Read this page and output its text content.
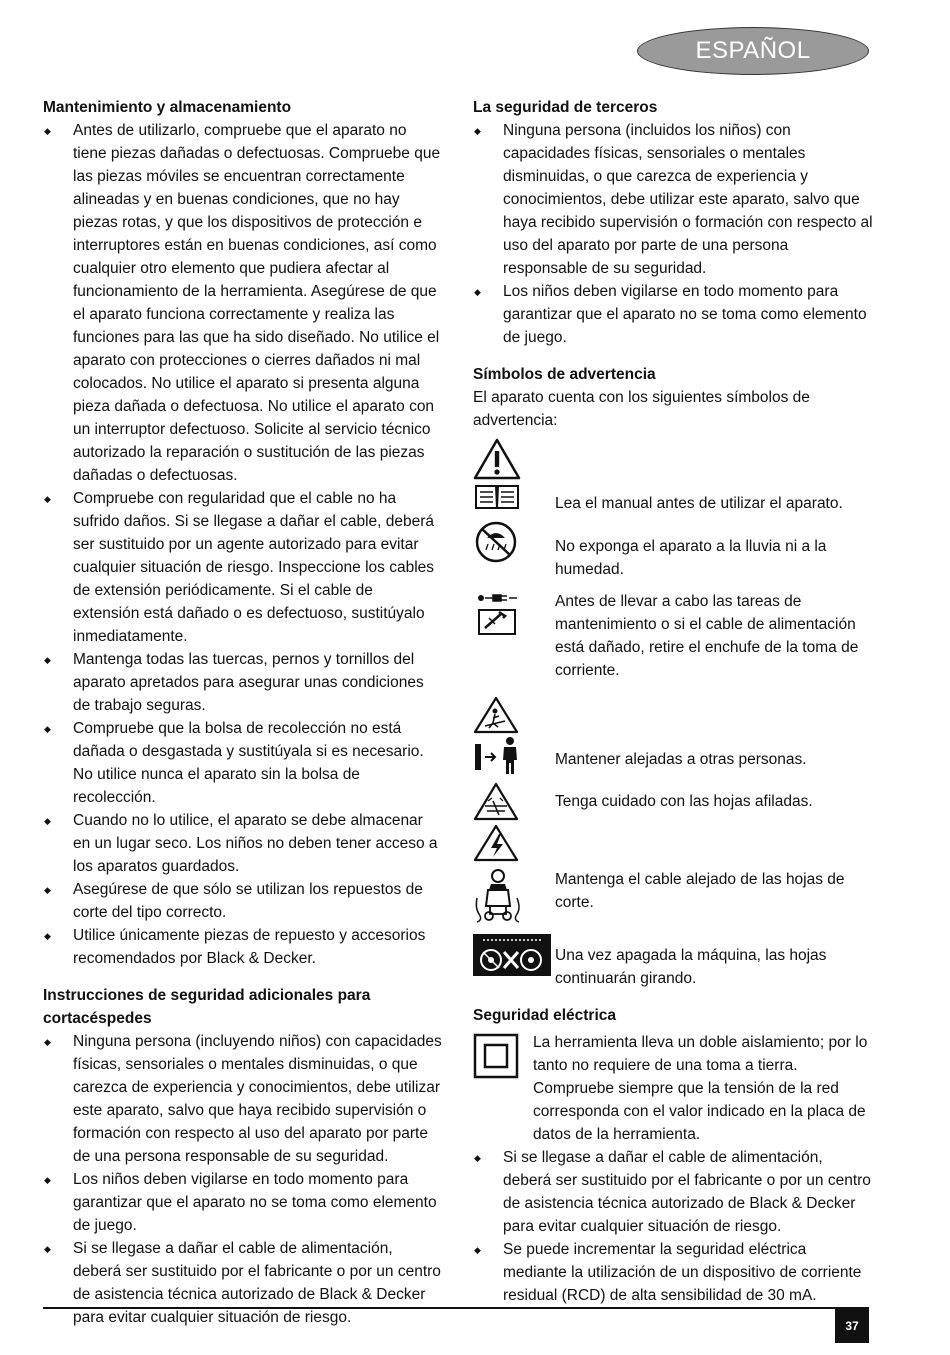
ESPAÑOL
Mantenimiento y almacenamiento
◆ Antes de utilizarlo, compruebe que el aparato no tiene piezas dañadas o defectuosas. Compruebe que las piezas móviles se encuentran correctamente alineadas y en buenas condiciones, que no hay piezas rotas, y que los dispositivos de protección e interruptores están en buenas condiciones, así como cualquier otro elemento que pudiera afectar al funcionamiento de la herramienta. Asegúrese de que el aparato funciona correctamente y realiza las funciones para las que ha sido diseñado. No utilice el aparato con protecciones o cierres dañados ni mal colocados. No utilice el aparato si presenta alguna pieza dañada o defectuosa. No utilice el aparato con un interruptor defectuoso. Solicite al servicio técnico autorizado la reparación o sustitución de las piezas dañadas o defectuosas.
◆ Compruebe con regularidad que el cable no ha sufrido daños. Si se llegase a dañar el cable, deberá ser sustituido por un agente autorizado para evitar cualquier situación de riesgo. Inspeccione los cables de extensión periódicamente. Si el cable de extensión está dañado o es defectuoso, sustitúyalo inmediatamente.
◆ Mantenga todas las tuercas, pernos y tornillos del aparato apretados para asegurar unas condiciones de trabajo seguras.
◆ Compruebe que la bolsa de recolección no está dañada o desgastada y sustitúyala si es necesario. No utilice nunca el aparato sin la bolsa de recolección.
◆ Cuando no lo utilice, el aparato se debe almacenar en un lugar seco. Los niños no deben tener acceso a los aparatos guardados.
◆ Asegúrese de que sólo se utilizan los repuestos de corte del tipo correcto.
◆ Utilice únicamente piezas de repuesto y accesorios recomendados por Black & Decker.
Instrucciones de seguridad adicionales para cortacéspedes
◆ Ninguna persona (incluyendo niños) con capacidades físicas, sensoriales o mentales disminuidas, o que carezca de experiencia y conocimientos, debe utilizar este aparato, salvo que haya recibido supervisión o formación con respecto al uso del aparato por parte de una persona responsable de su seguridad.
◆ Los niños deben vigilarse en todo momento para garantizar que el aparato no se toma como elemento de juego.
◆ Si se llegase a dañar el cable de alimentación, deberá ser sustituido por el fabricante o por un centro de asistencia técnica autorizado de Black & Decker para evitar cualquier situación de riesgo.
La seguridad de terceros
◆ Ninguna persona (incluidos los niños) con capacidades físicas, sensoriales o mentales disminuidas, o que carezca de experiencia y conocimientos, debe utilizar este aparato, salvo que haya recibido supervisión o formación con respecto al uso del aparato por parte de una persona responsable de su seguridad.
◆ Los niños deben vigilarse en todo momento para garantizar que el aparato no se toma como elemento de juego.
Símbolos de advertencia

El aparato cuenta con los siguientes símbolos de advertencia:

Lea el manual antes de utilizar el aparato.
No exponga el aparato a la lluvia ni a la humedad.
Antes de llevar a cabo las tareas de mantenimiento o si el cable de alimentación está dañado, retire el enchufe de la toma de corriente.
Mantener alejadas a otras personas.
Tenga cuidado con las hojas afiladas.
Mantenga el cable alejado de las hojas de corte.
Una vez apagada la máquina, las hojas continuarán girando.
Seguridad eléctrica
La herramienta lleva un doble aislamiento; por lo tanto no requiere de una toma a tierra. Compruebe siempre que la tensión de la red corresponda con el valor indicado en la placa de datos de la herramienta.
◆ Si se llegase a dañar el cable de alimentación, deberá ser sustituido por el fabricante o por un centro de asistencia técnica autorizado de Black & Decker para evitar cualquier situación de riesgo.
◆ Se puede incrementar la seguridad eléctrica mediante la utilización de un dispositivo de corriente residual (RCD) de alta sensibilidad de 30 mA.
37
